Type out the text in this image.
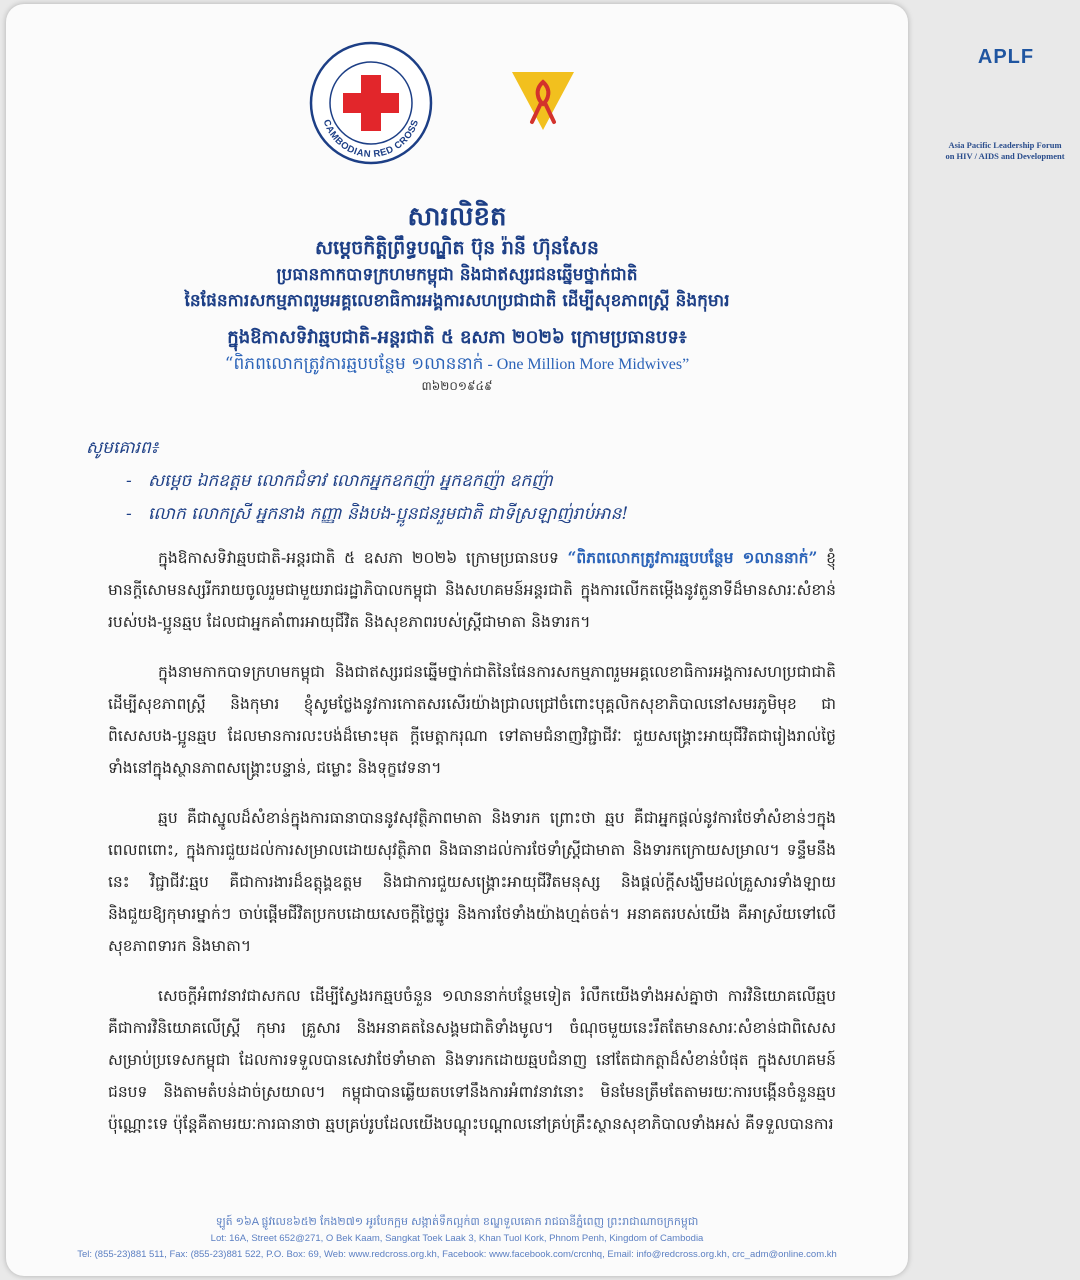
CAMBODIAN RED CROSS
APLF
Asia Pacific Leadership Forum
on HIV / AIDS and Development
សារលិខិត
សម្តេចកិត្តិព្រឹទ្ធបណ្ឌិត ប៊ុន រ៉ានី ហ៊ុនសែន
ប្រធានកាកបាទក្រហមកម្ពុជា និងជាឥស្សរជនឆ្នើមថ្នាក់ជាតិ
នៃផែនការសកម្មភាពរួមអគ្គលេខាធិការអង្គការសហប្រជាជាតិ ដើម្បីសុខភាពស្ត្រី និងកុមារ
ក្នុងឱកាសទិវាឆ្មបជាតិ-អន្តរជាតិ ៥ ឧសភា ២០២៦ ក្រោមប្រធានបទ៖
“ពិភពលោកត្រូវការឆ្មបបន្ថែម ១លាននាក់ - One Million More Midwives”
៣៦២០១៩៤៩
សូមគោរព៖
- សម្តេច ឯកឧត្តម លោកជំទាវ លោកអ្នកឧកញ៉ា អ្នកឧកញ៉ា ឧកញ៉ា
- លោក លោកស្រី អ្នកនាង កញ្ញា និងបង-ប្អូនជនរួមជាតិ ជាទីស្រឡាញ់រាប់អាន!

ក្នុងឱកាសទិវាឆ្មបជាតិ-អន្តរជាតិ ៥ ឧសភា ២០២៦ ក្រោមប្រធានបទ “ពិភពលោកត្រូវការឆ្មបបន្ថែម ១លាននាក់” ខ្ញុំមានក្តីសោមនស្សរីករាយចូលរួមជាមួយរាជរដ្ឋាភិបាលកម្ពុជា និងសហគមន៍អន្តរជាតិ ក្នុងការលើកតម្កើងនូវតួនាទីដ៏មានសារៈសំខាន់របស់បង-ប្អូនឆ្មប ដែលជាអ្នកគាំពារអាយុជីវិត និងសុខភាពរបស់ស្ត្រីជាមាតា និងទារក។

ក្នុងនាមកាកបាទក្រហមកម្ពុជា និងជាឥស្សរជនឆ្នើមថ្នាក់ជាតិនៃផែនការសកម្មភាពរួមអគ្គលេខាធិការអង្គការសហប្រជាជាតិដើម្បីសុខភាពស្ត្រី និងកុមារ ខ្ញុំសូមថ្លែងនូវការកោតសរសើរយ៉ាងជ្រាលជ្រៅចំពោះបុគ្គលិកសុខាភិបាលនៅសមរភូមិមុខ ជាពិសេសបង-ប្អូនឆ្មប ដែលមានការលះបង់ដ៏មោះមុត ក្តីមេត្តាករុណា ទៅតាមជំនាញវិជ្ជាជីវៈ ជួយសង្គ្រោះអាយុជីវិតជារៀងរាល់ថ្ងៃ ទាំងនៅក្នុងស្ថានភាពសង្គ្រោះបន្ទាន់, ជម្លោះ និងទុក្ខវេទនា។

ឆ្មប គឺជាស្នូលដ៏សំខាន់ក្នុងការធានាបាននូវសុវត្ថិភាពមាតា និងទារក ព្រោះថា ឆ្មប គឺជាអ្នកផ្តល់នូវការថែទាំសំខាន់ៗក្នុងពេលពពោះ, ក្នុងការជួយដល់ការសម្រាលដោយសុវត្ថិភាព និងធានាដល់ការថែទាំស្ត្រីជាមាតា និងទារកក្រោយសម្រាល។ ទន្ទឹមនឹងនេះ វិជ្ជាជីវៈឆ្មប គឺជាការងារដ៏ឧត្តុង្គឧត្តម និងជាការជួយសង្គ្រោះអាយុជីវិតមនុស្ស និងផ្តល់ក្តីសង្ឃឹមដល់គ្រួសារទាំងឡាយ និងជួយឱ្យកុមារម្នាក់ៗ ចាប់ផ្តើមជីវិតប្រកបដោយសេចក្តីថ្លៃថ្នូរ និងការថែទាំងយ៉ាងហ្មត់ចត់។ អនាគតរបស់យើង គឺអាស្រ័យទៅលើសុខភាពទារក និងមាតា។

សេចក្តីអំពាវនាវជាសកល ដើម្បីស្វែងរកឆ្មបចំនួន ១លាននាក់បន្ថែមទៀត រំលឹកយើងទាំងអស់គ្នាថា ការវិនិយោគលើឆ្មប គឺជាការវិនិយោគលើស្ត្រី កុមារ គ្រួសារ និងអនាគតនៃសង្គមជាតិទាំងមូល។ ចំណុចមួយនេះរឹតតែមានសារៈសំខាន់ជាពិសេសសម្រាប់ប្រទេសកម្ពុជា ដែលការទទួលបានសេវាថែទាំមាតា និងទារកដោយឆ្មបជំនាញ នៅតែជាកត្តាដ៏សំខាន់បំផុត ក្នុងសហគមន៍ជនបទ និងតាមតំបន់ដាច់ស្រយាល។ កម្ពុជាបានឆ្លើយតបទៅនឹងការអំពាវនាវនោះ មិនមែនត្រឹមតែតាមរយៈការបង្កើនចំនួនឆ្មបប៉ុណ្ណោះទេ ប៉ុន្តែគឺតាមរយៈការធានាថា ឆ្មបគ្រប់រូបដែលយើងបណ្តុះបណ្តាលនៅគ្រប់គ្រឹះស្ថានសុខាភិបាលទាំងអស់ គឺទទួលបានការ

ឡូត៍ ១៦A ផ្លូវលេខ៦៥២ កែង២៧១ អូរបែកក្អម សង្កាត់ទឹកល្អក់៣ ខណ្ឌទួលគោក រាជធានីភ្នំពេញ ព្រះរាជាណាចក្រកម្ពុជា
Lot: 16A, Street 652@271, O Bek Kaam, Sangkat Toek Laak 3, Khan Tuol Kork, Phnom Penh, Kingdom of Cambodia
Tel: (855-23)881 511, Fax: (855-23)881 522, P.O. Box: 69, Web: www.redcross.org.kh, Facebook: www.facebook.com/crcnhq, Email: info@redcross.org.kh, crc_adm@online.com.kh
